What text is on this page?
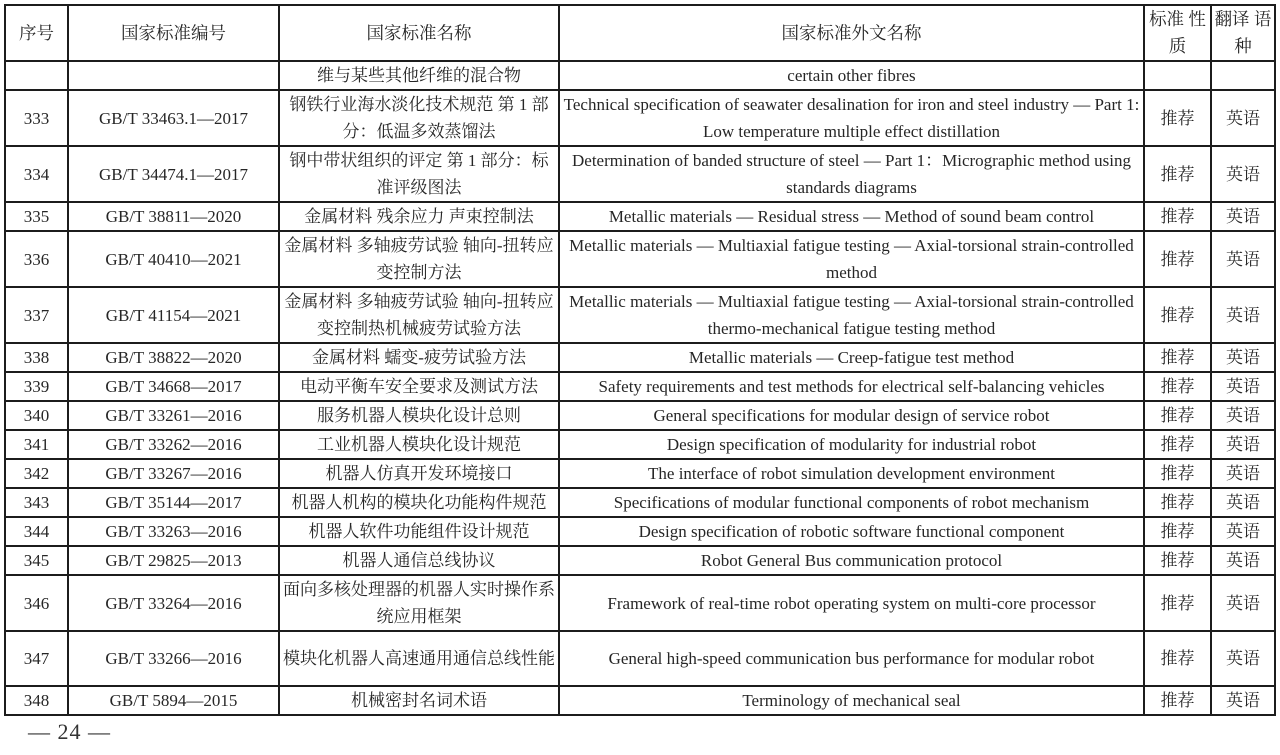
序号	国家标准编号	国家标准名称	国家标准外文名称	标准 性质	翻译 语种
		维与某些其他纤维的混合物	certain other fibres		
333	GB/T 33463.1—2017	钢铁行业海水淡化技术规范 第 1 部分：低温多效蒸馏法	Technical specification of seawater desalination for iron and steel industry — Part 1: Low temperature multiple effect distillation	推荐	英语
334	GB/T 34474.1—2017	钢中带状组织的评定 第 1 部分：标准评级图法	Determination of banded structure of steel — Part 1：Micrographic method using standards diagrams	推荐	英语
335	GB/T 38811—2020	金属材料 残余应力 声束控制法	Metallic materials — Residual stress — Method of sound beam control	推荐	英语
336	GB/T 40410—2021	金属材料 多轴疲劳试验 轴向-扭转应变控制方法	Metallic materials — Multiaxial fatigue testing — Axial-torsional strain-controlled method	推荐	英语
337	GB/T 41154—2021	金属材料 多轴疲劳试验 轴向-扭转应变控制热机械疲劳试验方法	Metallic materials — Multiaxial fatigue testing — Axial-torsional strain-controlled thermo-mechanical fatigue testing method	推荐	英语
338	GB/T 38822—2020	金属材料 蠕变-疲劳试验方法	Metallic materials — Creep-fatigue test method	推荐	英语
339	GB/T 34668—2017	电动平衡车安全要求及测试方法	Safety requirements and test methods for electrical self-balancing vehicles	推荐	英语
340	GB/T 33261—2016	服务机器人模块化设计总则	General specifications for modular design of service robot	推荐	英语
341	GB/T 33262—2016	工业机器人模块化设计规范	Design specification of modularity for industrial robot	推荐	英语
342	GB/T 33267—2016	机器人仿真开发环境接口	The interface of robot simulation development environment	推荐	英语
343	GB/T 35144—2017	机器人机构的模块化功能构件规范	Specifications of modular functional components of robot mechanism	推荐	英语
344	GB/T 33263—2016	机器人软件功能组件设计规范	Design specification of robotic software functional component	推荐	英语
345	GB/T 29825—2013	机器人通信总线协议	Robot General Bus communication protocol	推荐	英语
346	GB/T 33264—2016	面向多核处理器的机器人实时操作系统应用框架	Framework of real-time robot operating system on multi-core processor	推荐	英语
347	GB/T 33266—2016	模块化机器人高速通用通信总线性能	General high-speed communication bus performance for modular robot	推荐	英语
348	GB/T 5894—2015	机械密封名词术语	Terminology of mechanical seal	推荐	英语
— 24 —
